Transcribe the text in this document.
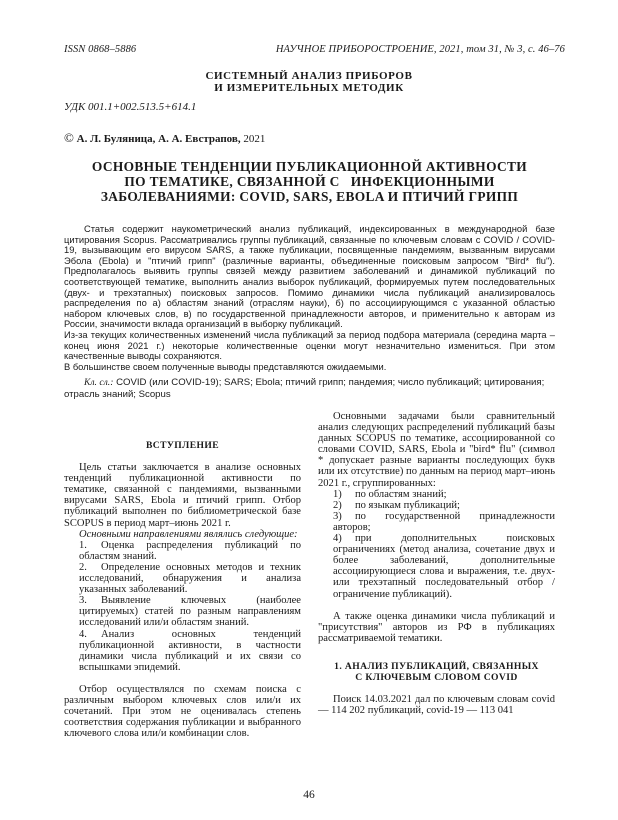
ISSN 0868–5886	НАУЧНОЕ ПРИБОРОСТРОЕНИЕ, 2021, том 31, № 3, с. 46–76
СИСТЕМНЫЙ АНАЛИЗ ПРИБОРОВ
И ИЗМЕРИТЕЛЬНЫХ МЕТОДИК
УДК 001.1+002.513.5+614.1
© А. Л. Буляница, А. А. Евстрапов, 2021
ОСНОВНЫЕ ТЕНДЕНЦИИ ПУБЛИКАЦИОННОЙ АКТИВНОСТИ
ПО ТЕМАТИКЕ, СВЯЗАННОЙ С   ИНФЕКЦИОННЫМИ
ЗАБОЛЕВАНИЯМИ: COVID, SARS, EBOLA И ПТИЧИЙ ГРИПП

Статья содержит наукометрический анализ публикаций, индексированных в международной базе цитирования Scopus. Рассматривались группы публикаций, связанные по ключевым словам с COVID / COVID-19, вызывающим его вирусом SARS, а также публикации, посвященные пандемиям, вызванным вирусами Эбола (Ebola) и "птичий грипп" (различные варианты, объединенные поисковым запросом "Bird* flu"). Предполагалось выявить группы связей между развитием заболеваний и динамикой публикаций по соответствующей тематике, выполнить анализ выборок публикаций, формируемых путем последовательных (двух- и трехэтапных) поисковых запросов. Помимо динамики числа публикаций анализировалось распределения по а) областям знаний (отраслям науки), б) по ассоциирующимся с указанной областью набором ключевых слов, в) по государственной принадлежности авторов, и применительно к авторам из России, значимости вклада организаций в выборку публикаций.

Из-за текущих количественных изменений числа публикаций за период подбора материала (середина марта – конец июня 2021 г.) некоторые количественные оценки могут незначительно измениться. При этом качественные выводы сохраняются.

В большинстве своем полученные выводы представляются ожидаемыми.

Кл. сл.: COVID (или COVID-19); SARS; Ebola; птичий грипп; пандемия; число публикаций; цитирования; отрасль знаний; Scopus

ВСТУПЛЕНИЕ

Цель статьи заключается в анализе основных тенденций публикационной активности по тематике, связанной с пандемиями, вызванными вирусами SARS, Ebola и птичий грипп. Отбор публикаций выполнен по библиометрической базе SCOPUS в период март–июнь 2021 г.

Основными направлениями являлись следующие:

1. Оценка распределения публикаций по областям знаний.

2. Определение основных методов и техник исследований, обнаружения и анализа указанных заболеваний.

3. Выявление ключевых (наиболее цитируемых) статей по разным направлениям исследований или/и областям знаний.

4. Анализ основных тенденций публикационной активности, в частности динамики числа публикаций и их связи со вспышками эпидемий.

Отбор осуществлялся по схемам поиска с различным выбором ключевых слов или/и их сочетаний. При этом не оценивалась степень соответствия содержания публикации и выбранного ключевого слова или/и комбинации слов.

Основными задачами были сравнительный анализ следующих распределений публикаций базы данных SCOPUS по тематике, ассоциированной со словами COVID, SARS, Ebola и "bird* flu" (символ * допускает разные варианты последующих букв или их отсутствие) по данным на период март–июнь 2021 г., сгруппированных:

1) по областям знаний;

2) по языкам публикаций;

3) по государственной принадлежности авторов;

4) при дополнительных поисковых ограничениях (метод анализа, сочетание двух и более заболеваний, дополнительные ассоциирующиеся слова и выражения, т.е. двух- или трехэтапный последовательный отбор / ограничение публикаций).

А также оценка динамики числа публикаций и "присутствия" авторов из РФ в публикациях рассматриваемой тематики.

1. АНАЛИЗ ПУБЛИКАЦИЙ, СВЯЗАННЫХ
С КЛЮЧЕВЫМ СЛОВОМ COVID

Поиск 14.03.2021 дал по ключевым словам covid — 114 202 публикаций, covid-19 — 113 041

46
